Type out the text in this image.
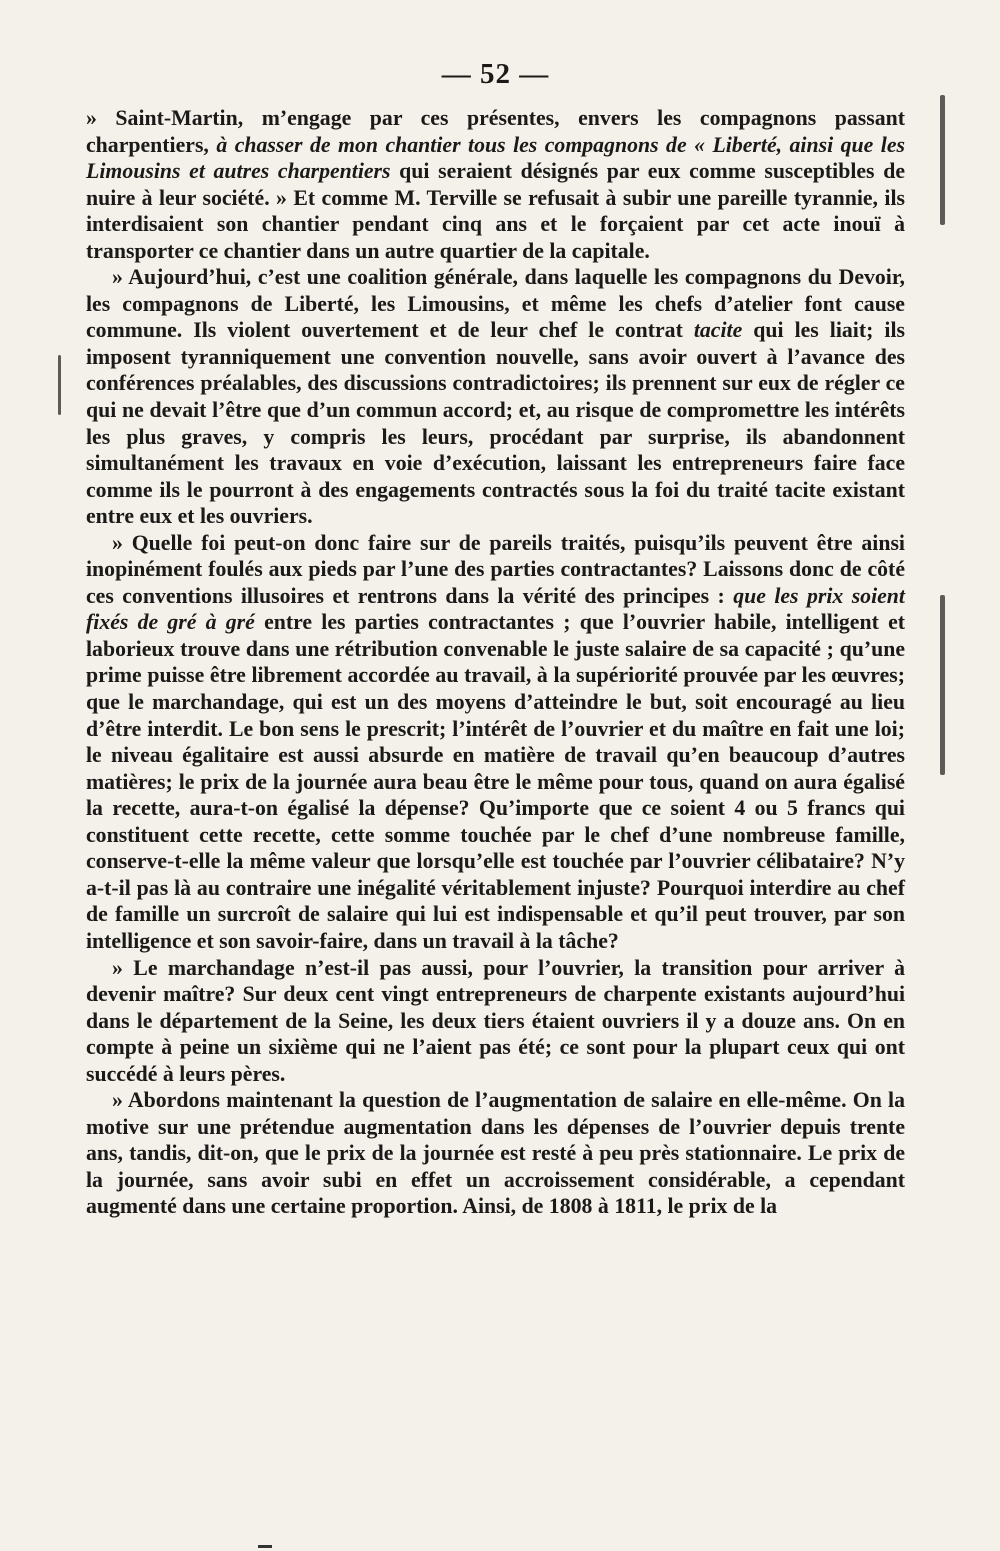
— 52 —

» Saint-Martin, m’engage par ces présentes, envers les compagnons passant charpentiers, à chasser de mon chantier tous les compagnons de « Liberté, ainsi que les Limousins et autres charpentiers qui seraient désignés par eux comme susceptibles de nuire à leur société. » Et comme M. Terville se refusait à subir une pareille tyrannie, ils interdisaient son chantier pendant cinq ans et le forçaient par cet acte inouï à transporter ce chantier dans un autre quartier de la capitale.

» Aujourd’hui, c’est une coalition générale, dans laquelle les compagnons du Devoir, les compagnons de Liberté, les Limousins, et même les chefs d’atelier font cause commune. Ils violent ouvertement et de leur chef le contrat tacite qui les liait; ils imposent tyranniquement une convention nouvelle, sans avoir ouvert à l’avance des conférences préalables, des discussions contradictoires; ils prennent sur eux de régler ce qui ne devait l’être que d’un commun accord; et, au risque de compromettre les intérêts les plus graves, y compris les leurs, procédant par surprise, ils abandonnent simultanément les travaux en voie d’exécution, laissant les entrepreneurs faire face comme ils le pourront à des engagements contractés sous la foi du traité tacite existant entre eux et les ouvriers.

» Quelle foi peut-on donc faire sur de pareils traités, puisqu’ils peuvent être ainsi inopinément foulés aux pieds par l’une des parties contractantes? Laissons donc de côté ces conventions illusoires et rentrons dans la vérité des principes : que les prix soient fixés de gré à gré entre les parties contractantes ; que l’ouvrier habile, intelligent et laborieux trouve dans une rétribution convenable le juste salaire de sa capacité ; qu’une prime puisse être librement accordée au travail, à la supériorité prouvée par les œuvres; que le marchandage, qui est un des moyens d’atteindre le but, soit encouragé au lieu d’être interdit. Le bon sens le prescrit; l’intérêt de l’ouvrier et du maître en fait une loi; le niveau égalitaire est aussi absurde en matière de travail qu’en beaucoup d’autres matières; le prix de la journée aura beau être le même pour tous, quand on aura égalisé la recette, aura-t-on égalisé la dépense? Qu’importe que ce soient 4 ou 5 francs qui constituent cette recette, cette somme touchée par le chef d’une nombreuse famille, conserve-t-elle la même valeur que lorsqu’elle est touchée par l’ouvrier célibataire? N’y a-t-il pas là au contraire une inégalité véritablement injuste? Pourquoi interdire au chef de famille un surcroît de salaire qui lui est indispensable et qu’il peut trouver, par son intelligence et son savoir-faire, dans un travail à la tâche?

» Le marchandage n’est-il pas aussi, pour l’ouvrier, la transition pour arriver à devenir maître? Sur deux cent vingt entrepreneurs de charpente existants aujourd’hui dans le département de la Seine, les deux tiers étaient ouvriers il y a douze ans. On en compte à peine un sixième qui ne l’aient pas été; ce sont pour la plupart ceux qui ont succédé à leurs pères.

» Abordons maintenant la question de l’augmentation de salaire en elle-même. On la motive sur une prétendue augmentation dans les dépenses de l’ouvrier depuis trente ans, tandis, dit-on, que le prix de la journée est resté à peu près stationnaire. Le prix de la journée, sans avoir subi en effet un accroissement considérable, a cependant augmenté dans une certaine proportion. Ainsi, de 1808 à 1811, le prix de la
